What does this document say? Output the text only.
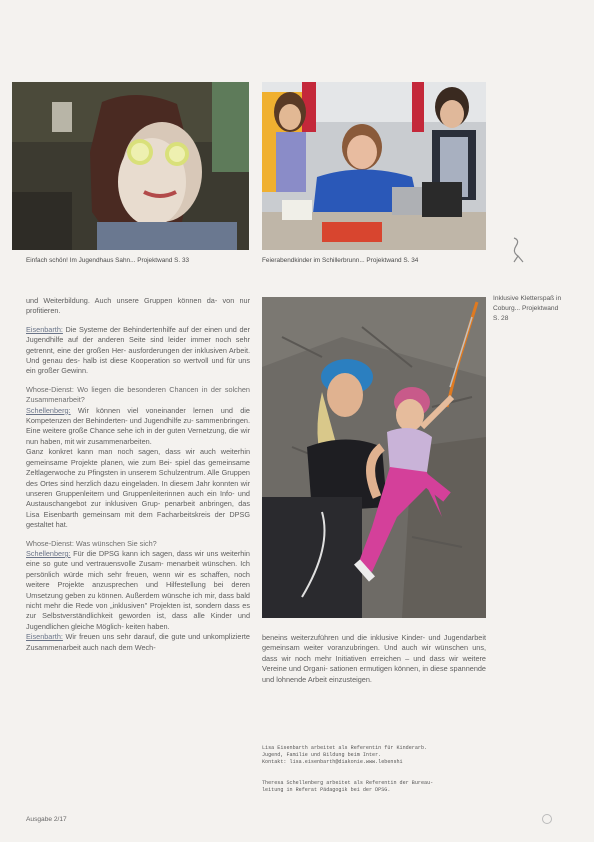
Einfach schön! Im Jugendhaus Sahn... Projektwand S. 33	Feierabendkinder im Schillerbrunn... Projektwand S. 34
Inklusive Kletterspaß in Coburg... Projektwand S. 28

und Weiterbildung. Auch unsere Gruppen können da- von nur profitieren.

Eisenbarth: Die Systeme der Behindertenhilfe auf der einen und der Jugendhilfe auf der anderen Seite sind leider immer noch sehr getrennt, eine der großen Her- ausforderungen der inklusiven Arbeit. Und genau des- halb ist diese Kooperation so wertvoll und für uns ein großer Gewinn.

Whose-Dienst: Wo liegen die besonderen Chancen in der solchen Zusammenarbeit?

Schellenberg: Wir können viel voneinander lernen und die Kompetenzen der Behinderten- und Jugendhilfe zu- sammenbringen. Eine weitere große Chance sehe ich in der guten Vernetzung, die wir nun haben, mit wir zusammenarbeiten.

Ganz konkret kann man noch sagen, dass wir auch weiterhin gemeinsame Projekte planen, wie zum Bei- spiel das gemeinsame Zeltlagerwoche zu Pfingsten in unserem Schulzentrum. Alle Gruppen des Ortes sind herzlich dazu eingeladen. In diesem Jahr konnten wir unseren Gruppenleitern und Gruppenleiterinnen auch ein Info- und Austauschangebot zur inklusiven Grup- penarbeit anbringen, das Lisa Eisenbarth gemeinsam mit dem Facharbeitskreis der DPSG gestaltet hat.

Whose-Dienst: Was wünschen Sie sich?

Schellenberg: Für die DPSG kann ich sagen, dass wir uns weiterhin eine so gute und vertrauensvolle Zusam- menarbeit wünschen. Ich persönlich würde mich sehr freuen, wenn wir es schaffen, noch weitere Projekte anzusprechen und Hilfestellung bei deren Umsetzung geben zu können. Außerdem wünsche ich mir, dass bald nicht mehr die Rede von „inklusiven" Projekten ist, sondern dass es zur Selbstverständlichkeit geworden ist, dass alle Kinder und Jugendlichen gleiche Möglich- keiten haben.

Eisenbarth: Wir freuen uns sehr darauf, die gute und unkomplizierte Zusammenarbeit auch nach dem Wech-

beneins weiterzuführen und die inklusive Kinder- und Jugendarbeit gemeinsam weiter voranzubringen. Und auch wir wünschen uns, dass wir noch mehr Initiativen erreichen – und dass wir weitere Vereine und Organi- sationen ermutigen können, in diese spannende und lohnende Arbeit einzusteigen.

Lisa Eisenbarth arbeitet als Referentin für Kinderarb.
Jugend, Familie und Bildung beim Inter.
Kontakt: lisa.eisenbarth@diakonie.www.lebenshi
Theresa Schellenberg arbeitet als Referentin der Bureau-
leitung in Referat Pädagogik bei der DPSG.
Ausgabe 2/17
